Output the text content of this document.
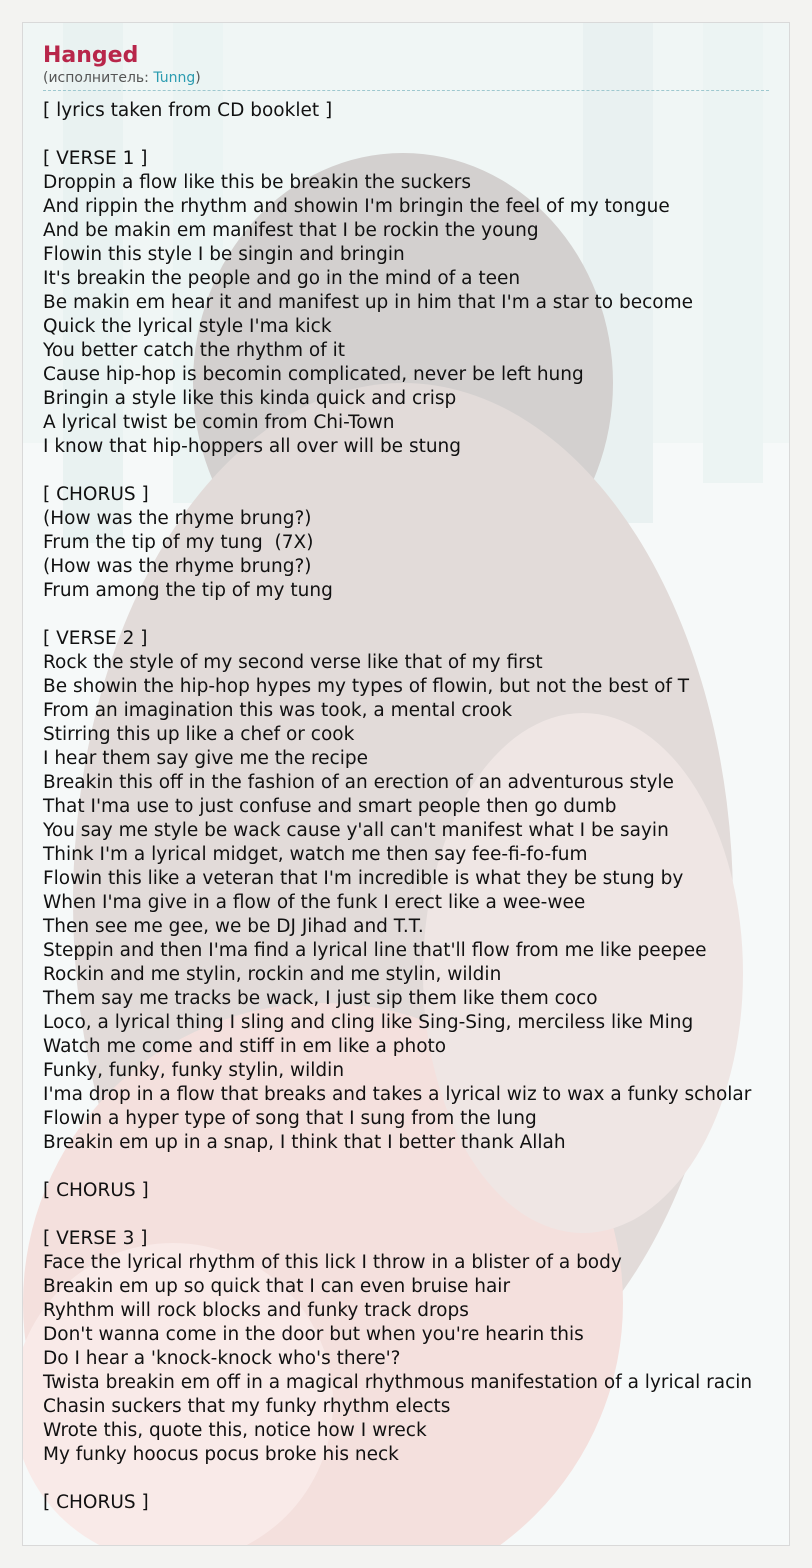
Hanged
(исполнитель: Tunng)
[ lyrics taken from CD booklet ]
[ VERSE 1 ]
Droppin a flow like this be breakin the suckers
And rippin the rhythm and showin I'm bringin the feel of my tongue
And be makin em manifest that I be rockin the young
Flowin this style I be singin and bringin
It's breakin the people and go in the mind of a teen
Be makin em hear it and manifest up in him that I'm a star to become
Quick the lyrical style I'ma kick
You better catch the rhythm of it
Cause hip-hop is becomin complicated, never be left hung
Bringin a style like this kinda quick and crisp
A lyrical twist be comin from Chi-Town
I know that hip-hoppers all over will be stung
[ CHORUS ]
(How was the rhyme brung?)
Frum the tip of my tung  (7X)
(How was the rhyme brung?)
Frum among the tip of my tung
[ VERSE 2 ]
Rock the style of my second verse like that of my first
Be showin the hip-hop hypes my types of flowin, but not the best of T
From an imagination this was took, a mental crook
Stirring this up like a chef or cook
I hear them say give me the recipe
Breakin this off in the fashion of an erection of an adventurous style
That I'ma use to just confuse and smart people then go dumb
You say me style be wack cause y'all can't manifest what I be sayin
Think I'm a lyrical midget, watch me then say fee-fi-fo-fum
Flowin this like a veteran that I'm incredible is what they be stung by
When I'ma give in a flow of the funk I erect like a wee-wee
Then see me gee, we be DJ Jihad and T.T.
Steppin and then I'ma find a lyrical line that'll flow from me like peepee
Rockin and me stylin, rockin and me stylin, wildin
Them say me tracks be wack, I just sip them like them coco
Loco, a lyrical thing I sling and cling like Sing-Sing, merciless like Ming
Watch me come and stiff in em like a photo
Funky, funky, funky stylin, wildin
I'ma drop in a flow that breaks and takes a lyrical wiz to wax a funky scholar
Flowin a hyper type of song that I sung from the lung
Breakin em up in a snap, I think that I better thank Allah
[ CHORUS ]
[ VERSE 3 ]
Face the lyrical rhythm of this lick I throw in a blister of a body
Breakin em up so quick that I can even bruise hair
Ryhthm will rock blocks and funky track drops
Don't wanna come in the door but when you're hearin this
Do I hear a 'knock-knock who's there'?
Twista breakin em off in a magical rhythmous manifestation of a lyrical racin
Chasin suckers that my funky rhythm elects
Wrote this, quote this, notice how I wreck
My funky hoocus pocus broke his neck
[ CHORUS ]
